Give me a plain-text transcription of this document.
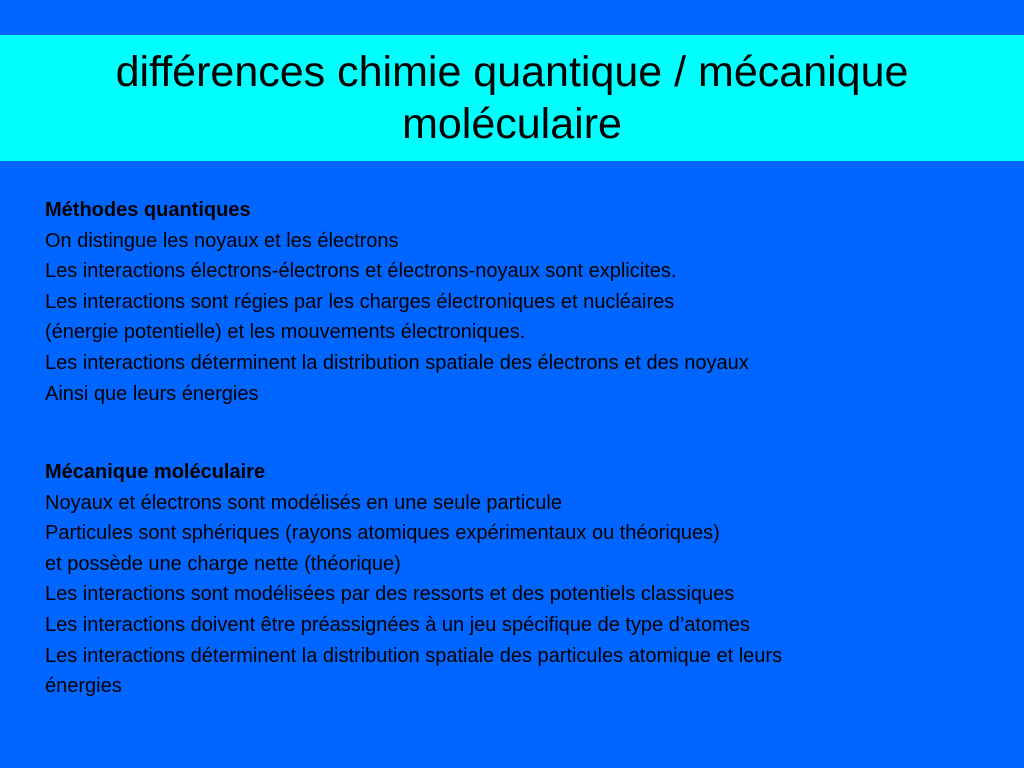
différences chimie quantique / mécanique
moléculaire
Méthodes quantiques
On distingue les noyaux et les électrons
Les interactions électrons-électrons et électrons-noyaux sont explicites.
Les interactions sont régies par les charges électroniques et nucléaires
(énergie potentielle) et les mouvements électroniques.
Les interactions déterminent la distribution spatiale des électrons et des noyaux
Ainsi que leurs énergies
Mécanique moléculaire
Noyaux et électrons sont modélisés en une seule particule
Particules sont sphériques (rayons atomiques expérimentaux ou théoriques)
et possède une charge nette (théorique)
Les interactions sont modélisées par des ressorts et des potentiels classiques
Les interactions doivent être préassignées à un jeu spécifique de type d’atomes
Les interactions déterminent la distribution spatiale des particules atomique et leurs
énergies
